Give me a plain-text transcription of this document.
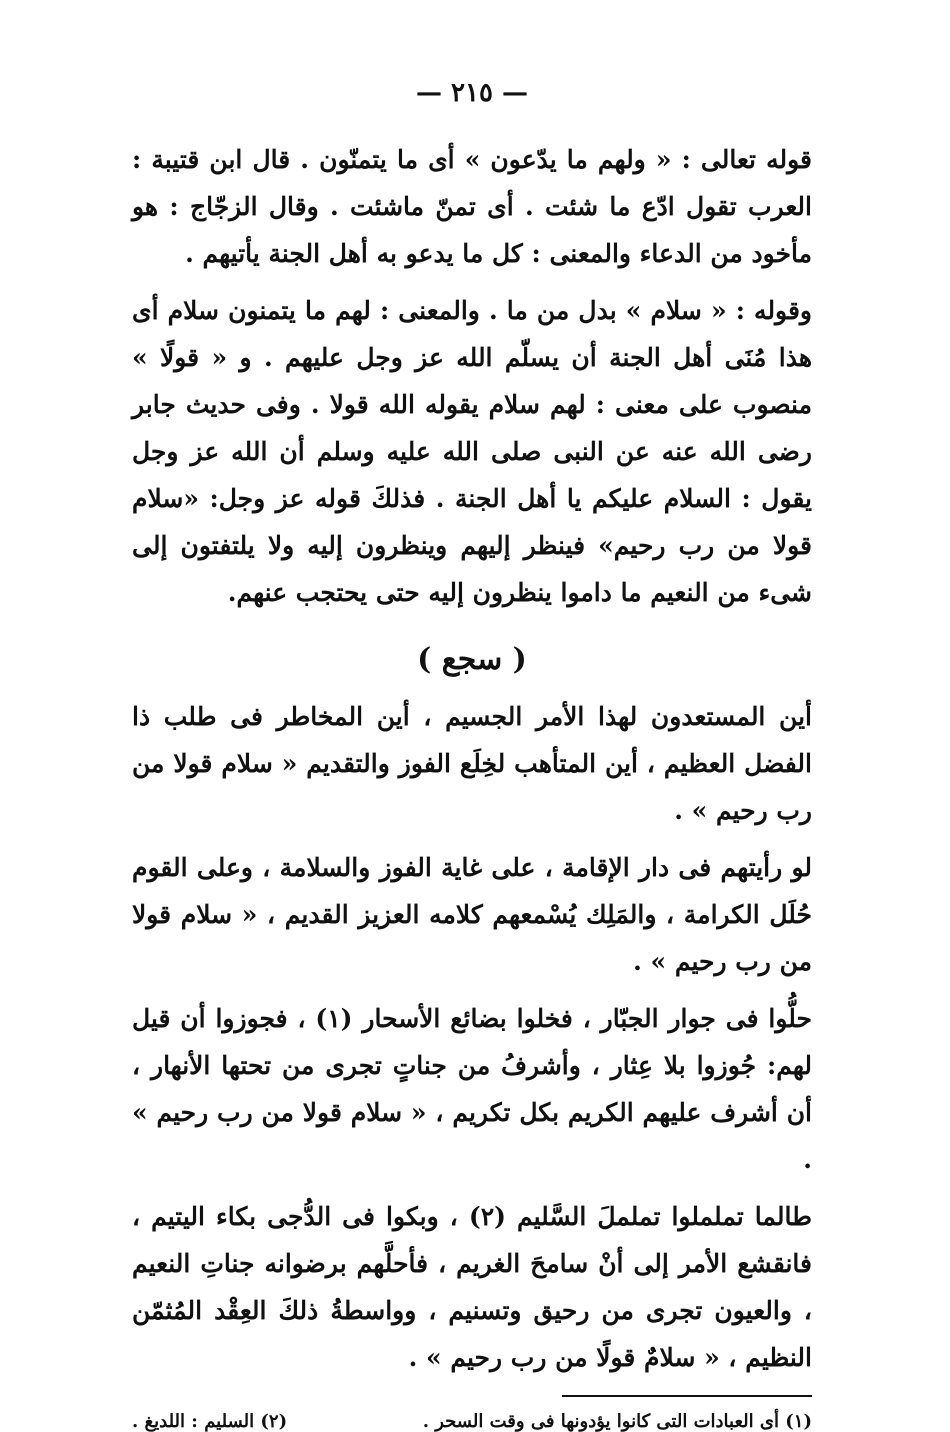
— ٢١٥ —

قوله تعالى : « ولهم ما يدّعون » أى ما يتمنّون . قال ابن قتيبة : العرب تقول ادّع ما شئت . أى تمنّ ماشئت . وقال الزجّاج : هو مأخود من الدعاء والمعنى : كل ما يدعو به أهل الجنة يأتيهم .

وقوله : « سلام » بدل من ما . والمعنى : لهم ما يتمنون سلام أى هذا مُنَى أهل الجنة أن يسلّم الله عز وجل عليهم . و « قولًا » منصوب على معنى : لهم سلام يقوله الله قولا . وفى حديث جابر رضى الله عنه عن النبى صلى الله عليه وسلم أن الله عز وجل يقول : السلام عليكم يا أهل الجنة . فذلكَ قوله عز وجل: «سلام قولا من رب رحيم» فينظر إليهم وينظرون إليه ولا يلتفتون إلى شىء من النعيم ما داموا ينظرون إليه حتى يحتجب عنهم.

( سجع )

أين المستعدون لهذا الأمر الجسيم ، أين المخاطر فى طلب ذا الفضل العظيم ، أين المتأهب لخِلَع الفوز والتقديم « سلام قولا من رب رحيم » .

لو رأيتهم فى دار الإقامة ، على غاية الفوز والسلامة ، وعلى القوم حُلَل الكرامة ، والمَلِك يُسْمعهم كلامه العزيز القديم ، « سلام قولا من رب رحيم » .

حلُّوا فى جوار الجبّار ، فخلوا بضائع الأسحار (١) ، فجوزوا أن قيل لهم: جُوزوا بلا عِثار ، وأشرفُ من جناتٍ تجرى من تحتها الأنهار ، أن أشرف عليهم الكريم بكل تكريم ، « سلام قولا من رب رحيم » .

طالما تململوا تململَ السَّليم (٢) ، وبكوا فى الدُّجى بكاء اليتيم ، فانقشع الأمر إلى أنْ سامحَ الغريم ، فأحلَّهم برضوانه جناتِ النعيم ، والعيون تجرى من رحيق وتسنيم ، وواسطةُ ذلكَ العِقْد المُثمّن النظيم ، « سلامٌ قولًا من رب رحيم » .

(١) أى العبادات التى كانوا يؤدونها فى وقت السحر .
(٢) السليم : اللديغ .
